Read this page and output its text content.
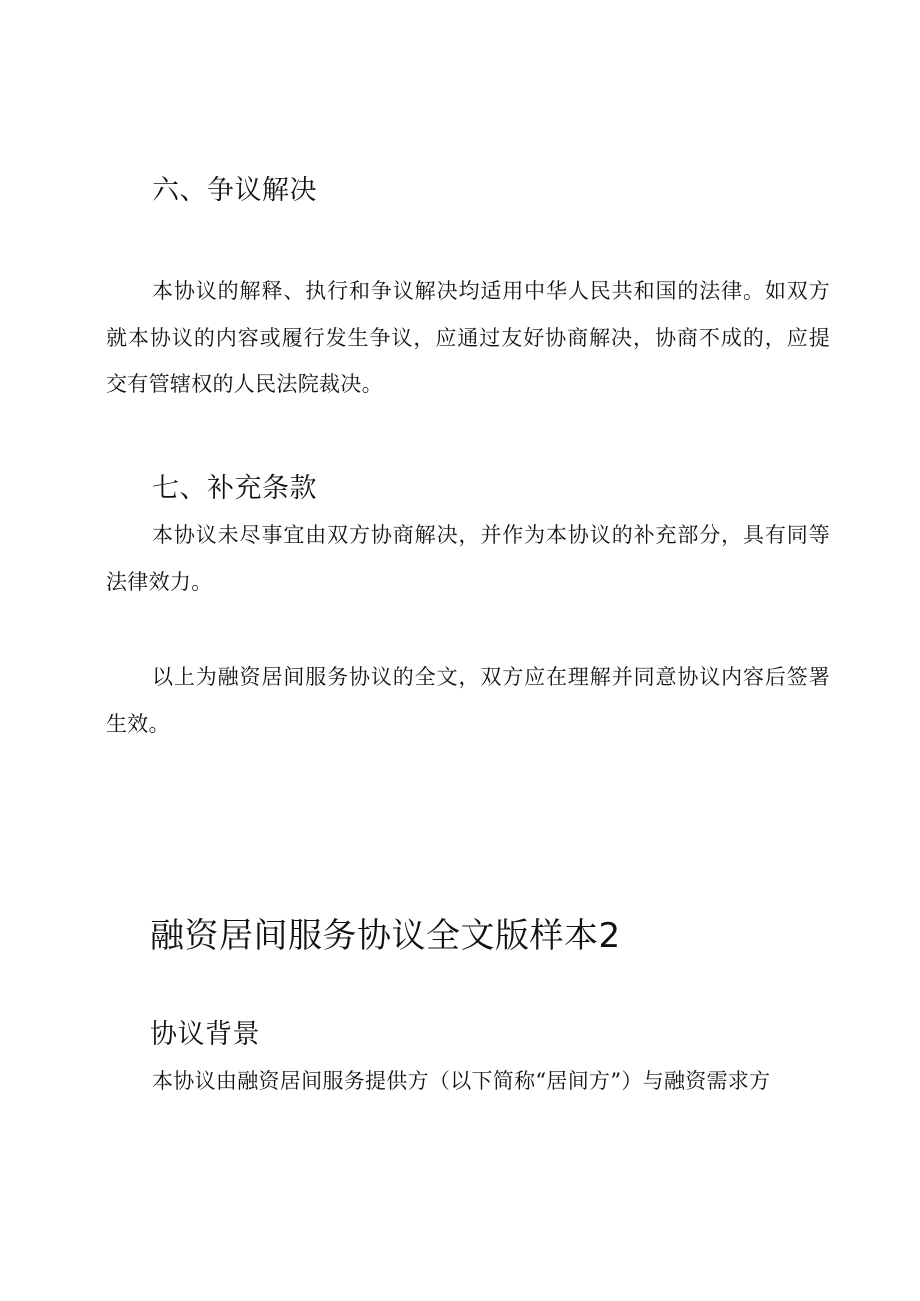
六、争议解决

本协议的解释、执行和争议解决均适用中华人民共和国的法律。如双方就本协议的内容或履行发生争议，应通过友好协商解决，协商不成的，应提交有管辖权的人民法院裁决。

七、补充条款

本协议未尽事宜由双方协商解决，并作为本协议的补充部分，具有同等法律效力。

以上为融资居间服务协议的全文，双方应在理解并同意协议内容后签署生效。

融资居间服务协议全文版样本2
协议背景

本协议由融资居间服务提供方（以下简称“居间方”）与融资需求方
